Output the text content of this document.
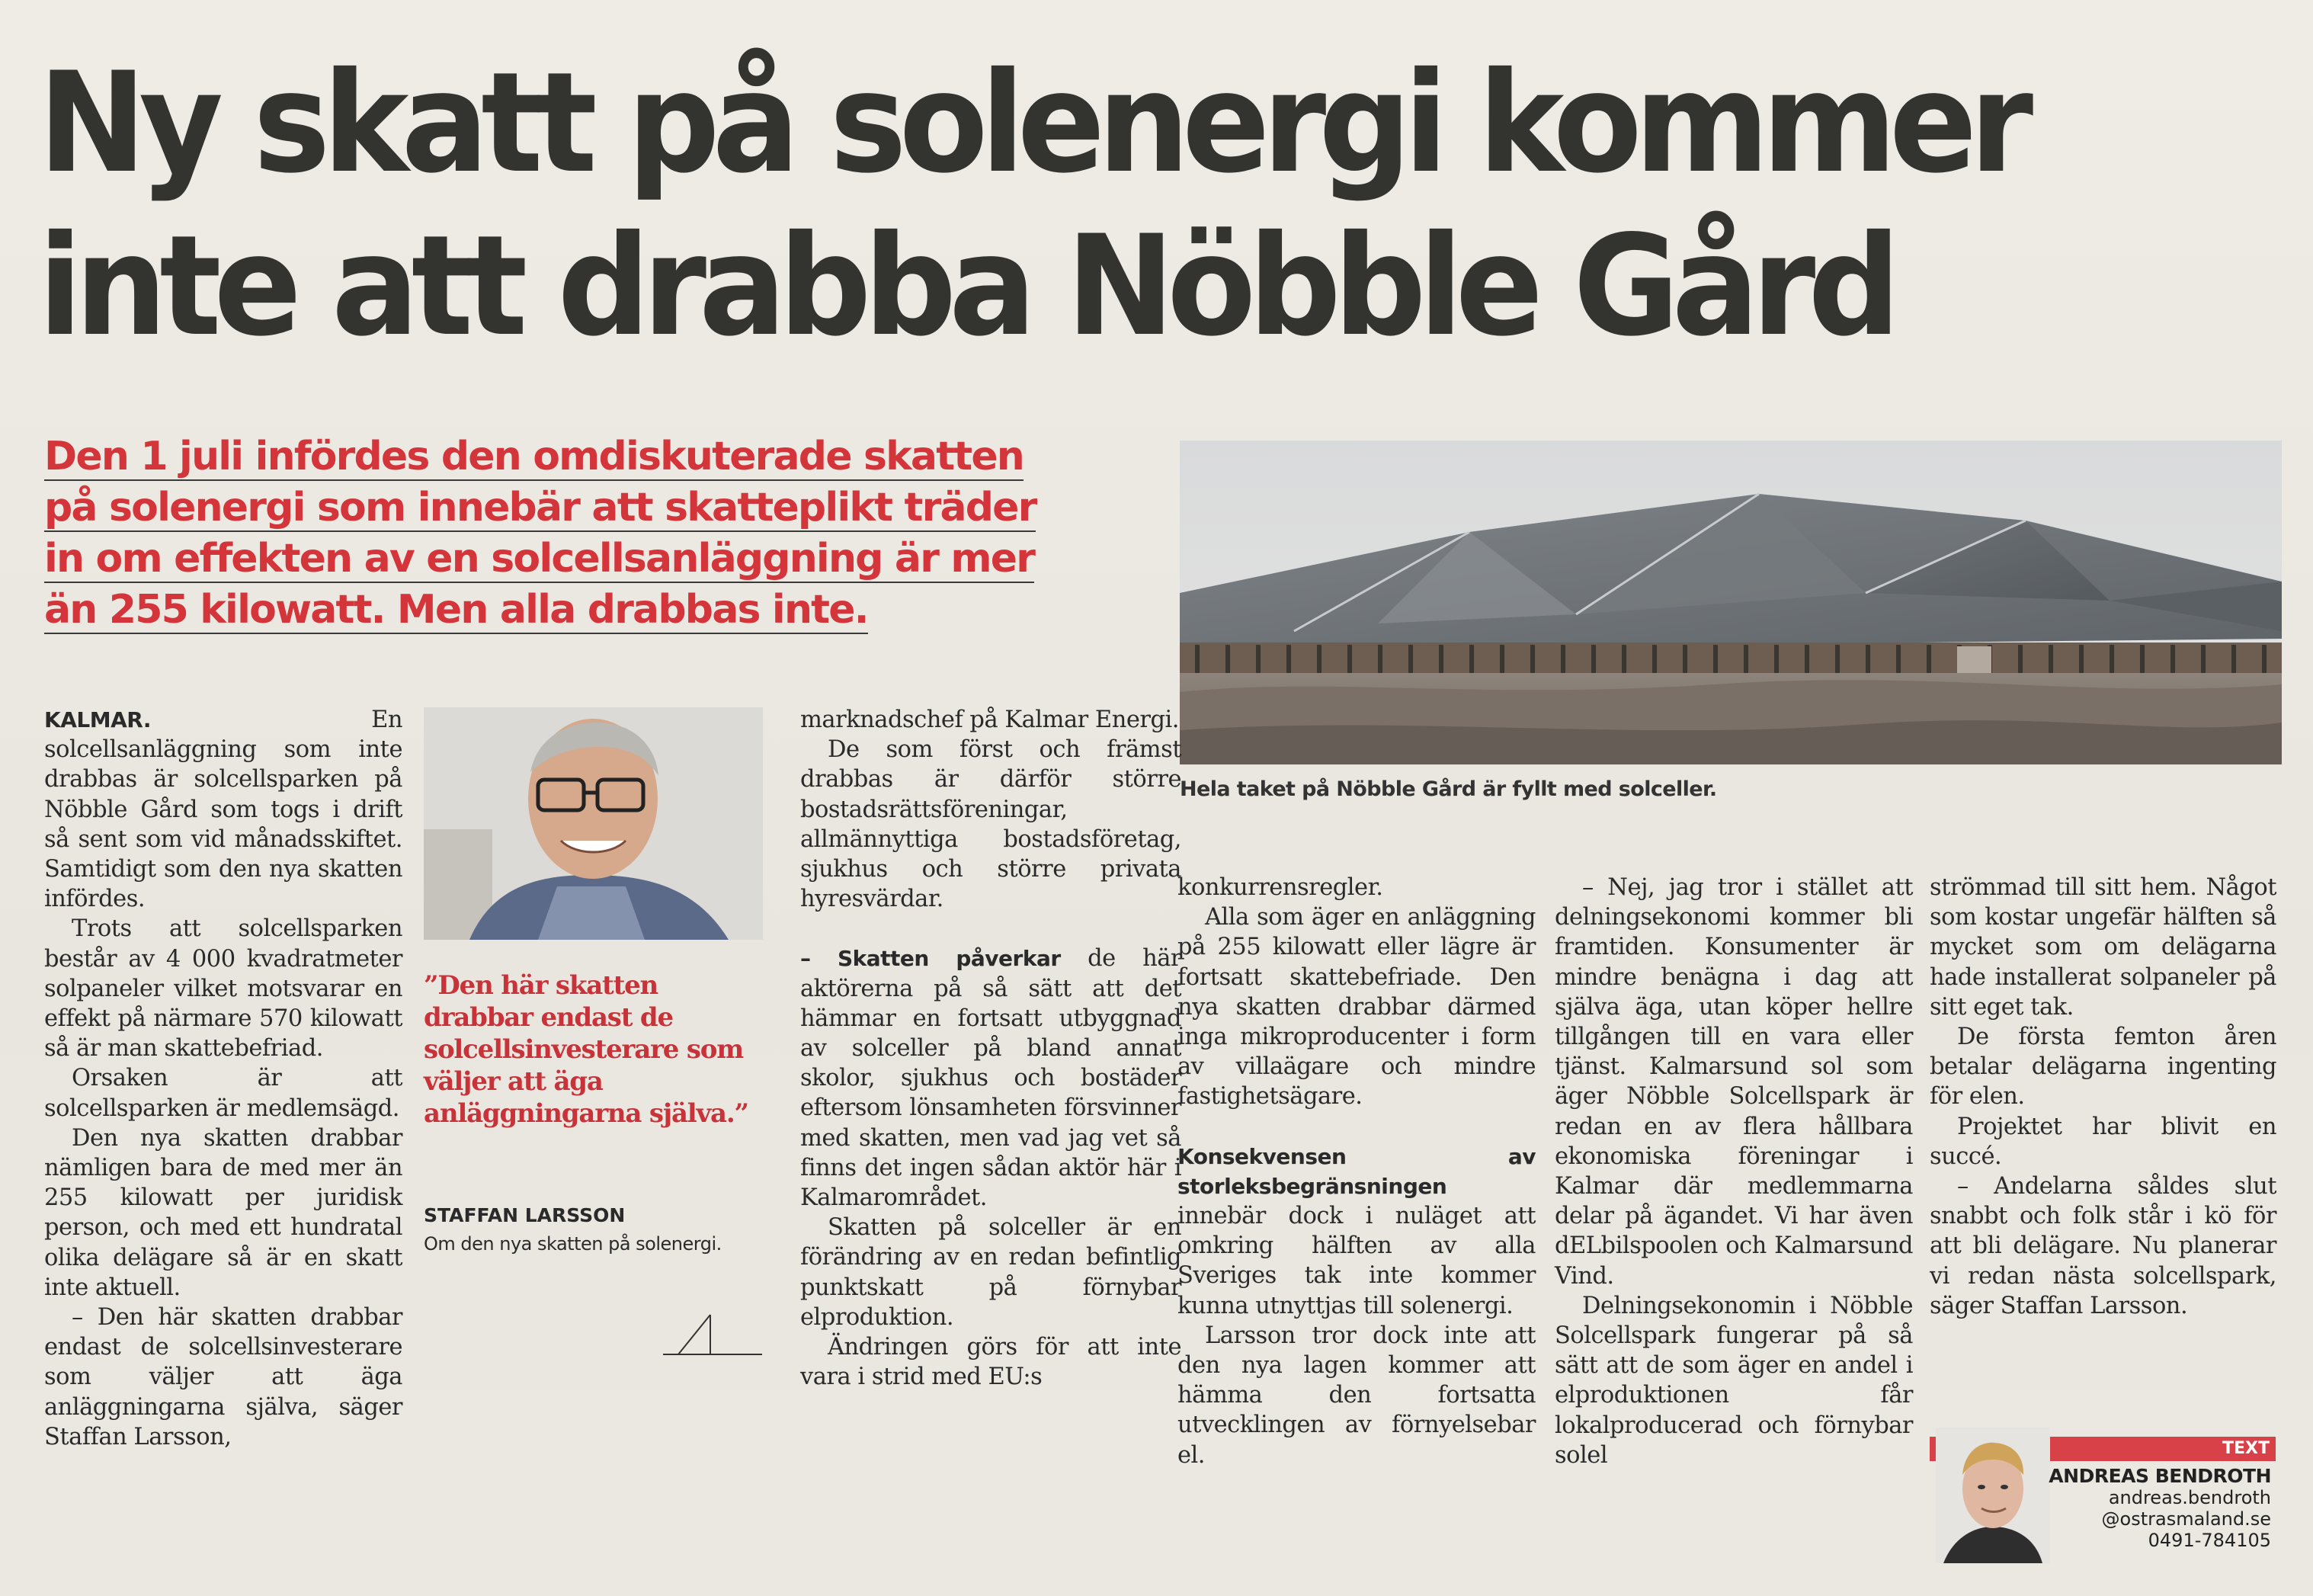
Ny skatt på solenergi kommer
inte att drabba Nöbble Gård
Den 1 juli infördes den omdiskuterade skatten
på solenergi som innebär att skatteplikt träder
in om effekten av en solcellsanläggning är mer
än 255 kilowatt. Men alla drabbas inte.
Hela taket på Nöbble Gård är fyllt med solceller.

KALMAR.	En solcellsanläggning som inte drabbas är solcellsparken på Nöbble Gård som togs i drift så sent som vid månadsskiftet. Samtidigt som den nya skatten infördes.

Trots att solcellsparken består av 4 000 kvadratmeter solpaneler vilket motsvarar en effekt på närmare 570 kilowatt så är man skattebefriad.

Orsaken är att solcellsparken är medlemsägd.

Den nya skatten drabbar nämligen bara de med mer än 255 kilowatt per juridisk person, och med ett hundratal olika delägare så är en skatt inte aktuell.

– Den här skatten drabbar endast de solcellsinvesterare som väljer att äga anläggningarna själva, säger Staffan Larsson,

”Den här skatten drabbar endast de solcellsinvesterare som väljer att äga anläggningarna själva.”
STAFFAN LARSSON
Om den nya skatten på solenergi.

marknadschef på Kalmar Energi.

De som först och främst drabbas är därför större bostadsrättsföreningar, allmännyttiga bostadsföretag, sjukhus och större privata hyresvärdar.

– Skatten påverkar de här aktörerna på så sätt att det hämmar en fortsatt utbyggnad av solceller på bland annat skolor, sjukhus och bostäder eftersom lönsamheten försvinner med skatten, men vad jag vet så finns det ingen sådan aktör här i Kalmarområdet.

Skatten på solceller är en förändring av en redan befintlig punktskatt på förnybar elproduktion.

Ändringen görs för att inte vara i strid med EU:s

konkurrensregler.

Alla som äger en anläggning på 255 kilowatt eller lägre är fortsatt skattebefriade. Den nya skatten drabbar därmed inga mikroproducenter i form av villaägare och mindre fastighetsägare.

Konsekvensen av storleksbegränsningen innebär dock i nuläget att omkring hälften av alla Sveriges tak inte kommer kunna utnyttjas till solenergi.

Larsson tror dock inte att den nya lagen kommer att hämma den fortsatta utvecklingen av förnyelsebar el.

– Nej, jag tror i stället att delningsekonomi kommer bli framtiden. Konsumenter är mindre benägna i dag att själva äga, utan köper hellre tillgången till en vara eller tjänst. Kalmarsund sol som äger Nöbble Solcellspark är redan en av flera hållbara ekonomiska föreningar i Kalmar där medlemmarna delar på ägandet. Vi har även dELbilspoolen och Kalmarsund Vind.

Delningsekonomin i Nöbble Solcellspark fungerar på så sätt att de som äger en andel i elproduktionen får lokalproducerad och förnybar solel

strömmad till sitt hem. Något som kostar ungefär hälften så mycket som om delägarna hade installerat solpaneler på sitt eget tak.

De första femton åren betalar delägarna ingenting för elen.

Projektet har blivit en succé.

– Andelarna såldes slut snabbt och folk står i kö för att bli delägare. Nu planerar vi redan nästa solcellspark, säger Staffan Larsson.

TEXT
ANDREAS BENDROTH
andreas.bendroth
@ostrasmaland.se
0491-784105
